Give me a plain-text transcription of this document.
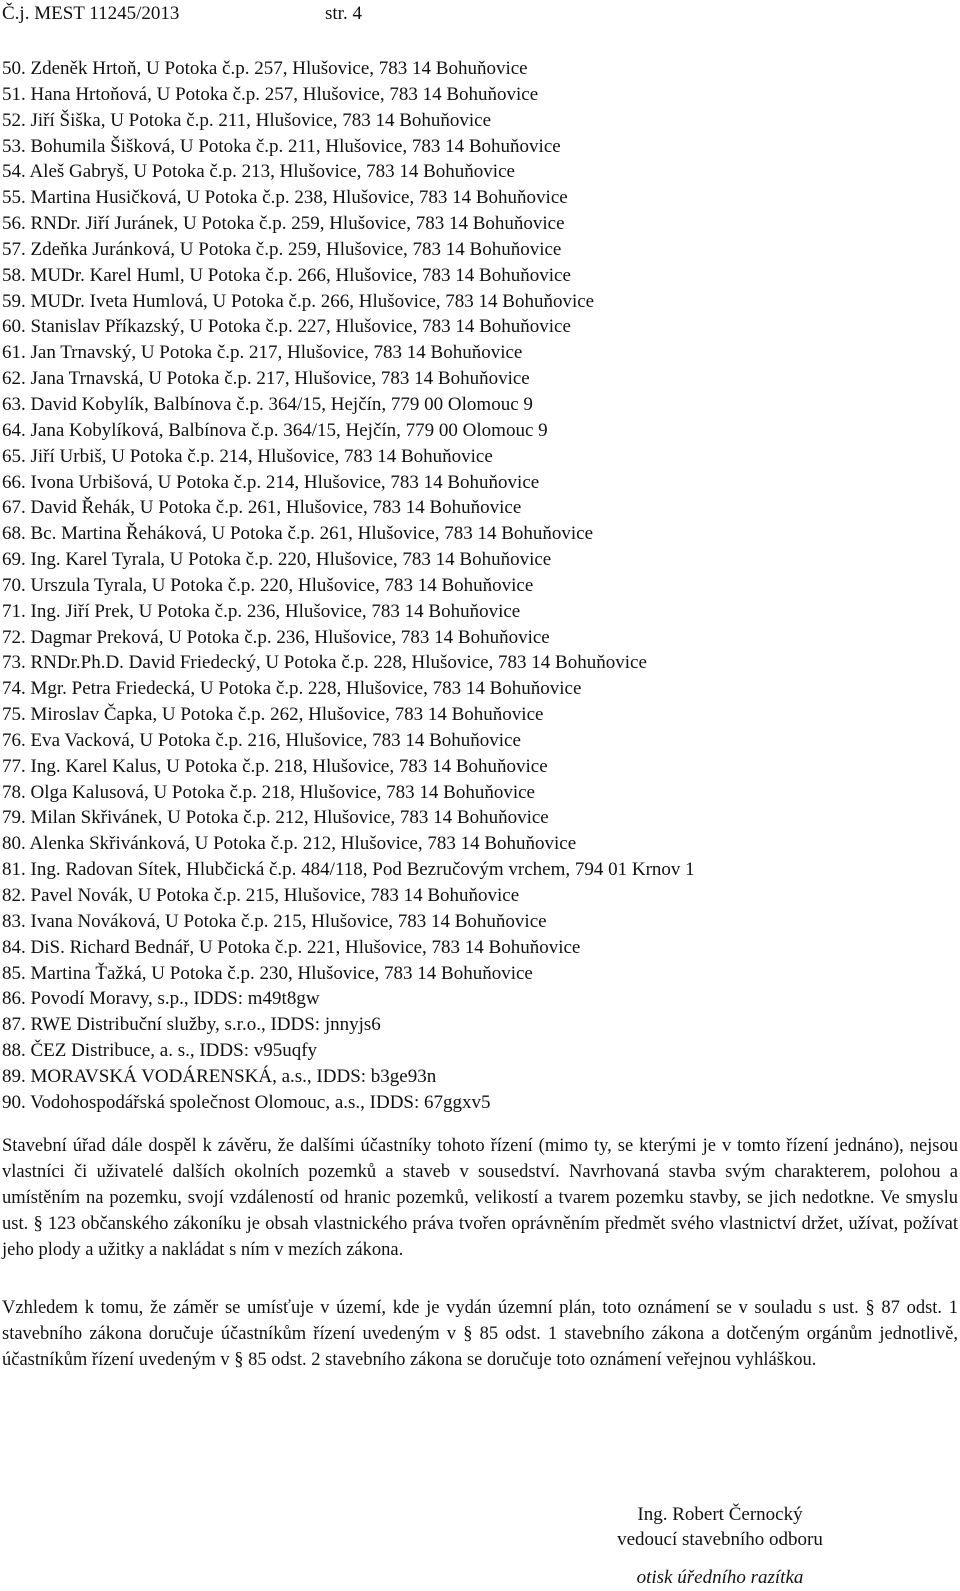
Č.j. MEST 11245/2013	str. 4
50. Zdeněk Hrtoň, U Potoka č.p. 257, Hlušovice, 783 14 Bohuňovice
51. Hana Hrtoňová, U Potoka č.p. 257, Hlušovice, 783 14 Bohuňovice
52. Jiří Šiška, U Potoka č.p. 211, Hlušovice, 783 14 Bohuňovice
53. Bohumila Šišková, U Potoka č.p. 211, Hlušovice, 783 14 Bohuňovice
54. Aleš Gabryš, U Potoka č.p. 213, Hlušovice, 783 14 Bohuňovice
55. Martina Husičková, U Potoka č.p. 238, Hlušovice, 783 14 Bohuňovice
56. RNDr. Jiří Juránek, U Potoka č.p. 259, Hlušovice, 783 14 Bohuňovice
57. Zdeňka Juránková, U Potoka č.p. 259, Hlušovice, 783 14 Bohuňovice
58. MUDr. Karel Huml, U Potoka č.p. 266, Hlušovice, 783 14 Bohuňovice
59. MUDr. Iveta Humlová, U Potoka č.p. 266, Hlušovice, 783 14 Bohuňovice
60. Stanislav Příkazský, U Potoka č.p. 227, Hlušovice, 783 14 Bohuňovice
61. Jan Trnavský, U Potoka č.p. 217, Hlušovice, 783 14 Bohuňovice
62. Jana Trnavská, U Potoka č.p. 217, Hlušovice, 783 14 Bohuňovice
63. David Kobylík, Balbínova č.p. 364/15, Hejčín, 779 00 Olomouc 9
64. Jana Kobylíková, Balbínova č.p. 364/15, Hejčín, 779 00 Olomouc 9
65. Jiří Urbiš, U Potoka č.p. 214, Hlušovice, 783 14 Bohuňovice
66. Ivona Urbišová, U Potoka č.p. 214, Hlušovice, 783 14 Bohuňovice
67. David Řehák, U Potoka č.p. 261, Hlušovice, 783 14 Bohuňovice
68. Bc. Martina Řeháková, U Potoka č.p. 261, Hlušovice, 783 14 Bohuňovice
69. Ing. Karel Tyrala, U Potoka č.p. 220, Hlušovice, 783 14 Bohuňovice
70. Urszula Tyrala, U Potoka č.p. 220, Hlušovice, 783 14 Bohuňovice
71. Ing. Jiří Prek, U Potoka č.p. 236, Hlušovice, 783 14 Bohuňovice
72. Dagmar Preková, U Potoka č.p. 236, Hlušovice, 783 14 Bohuňovice
73. RNDr.Ph.D. David Friedecký, U Potoka č.p. 228, Hlušovice, 783 14 Bohuňovice
74. Mgr. Petra Friedecká, U Potoka č.p. 228, Hlušovice, 783 14 Bohuňovice
75. Miroslav Čapka, U Potoka č.p. 262, Hlušovice, 783 14 Bohuňovice
76. Eva Vacková, U Potoka č.p. 216, Hlušovice, 783 14 Bohuňovice
77. Ing. Karel Kalus, U Potoka č.p. 218, Hlušovice, 783 14 Bohuňovice
78. Olga Kalusová, U Potoka č.p. 218, Hlušovice, 783 14 Bohuňovice
79. Milan Skřivánek, U Potoka č.p. 212, Hlušovice, 783 14 Bohuňovice
80. Alenka Skřivánková, U Potoka č.p. 212, Hlušovice, 783 14 Bohuňovice
81. Ing. Radovan Sítek, Hlubčická č.p. 484/118, Pod Bezručovým vrchem, 794 01 Krnov 1
82. Pavel Novák, U Potoka č.p. 215, Hlušovice, 783 14 Bohuňovice
83. Ivana Nováková, U Potoka č.p. 215, Hlušovice, 783 14 Bohuňovice
84. DiS. Richard Bednář, U Potoka č.p. 221, Hlušovice, 783 14 Bohuňovice
85. Martina Ťažká, U Potoka č.p. 230, Hlušovice, 783 14 Bohuňovice
86. Povodí Moravy, s.p., IDDS: m49t8gw
87. RWE Distribuční služby, s.r.o., IDDS: jnnyjs6
88. ČEZ Distribuce, a. s., IDDS: v95uqfy
89. MORAVSKÁ VODÁRENSKÁ, a.s., IDDS: b3ge93n
90. Vodohospodářská společnost Olomouc, a.s., IDDS: 67ggxv5

Stavební úřad dále dospěl k závěru, že dalšími účastníky tohoto řízení (mimo ty, se kterými je v tomto řízení jednáno), nejsou vlastníci či uživatelé dalších okolních pozemků a staveb v sousedství. Navrhovaná stavba svým charakterem, polohou a umístěním na pozemku, svojí vzdáleností od hranic pozemků, velikostí a tvarem pozemku stavby, se jich nedotkne. Ve smyslu ust. § 123 občanského zákoníku je obsah vlastnického práva tvořen oprávněním předmět svého vlastnictví držet, užívat, požívat jeho plody a užitky a nakládat s ním v mezích zákona.

Vzhledem k tomu, že záměr se umísťuje v území, kde je vydán územní plán, toto oznámení se v souladu s ust. § 87 odst. 1 stavebního zákona doručuje účastníkům řízení uvedeným v § 85 odst. 1 stavebního zákona a dotčeným orgánům jednotlivě, účastníkům řízení uvedeným v § 85 odst. 2 stavebního zákona se doručuje toto oznámení veřejnou vyhláškou.

Ing. Robert Černocký
vedoucí stavebního odboru
otisk úředního razítka
